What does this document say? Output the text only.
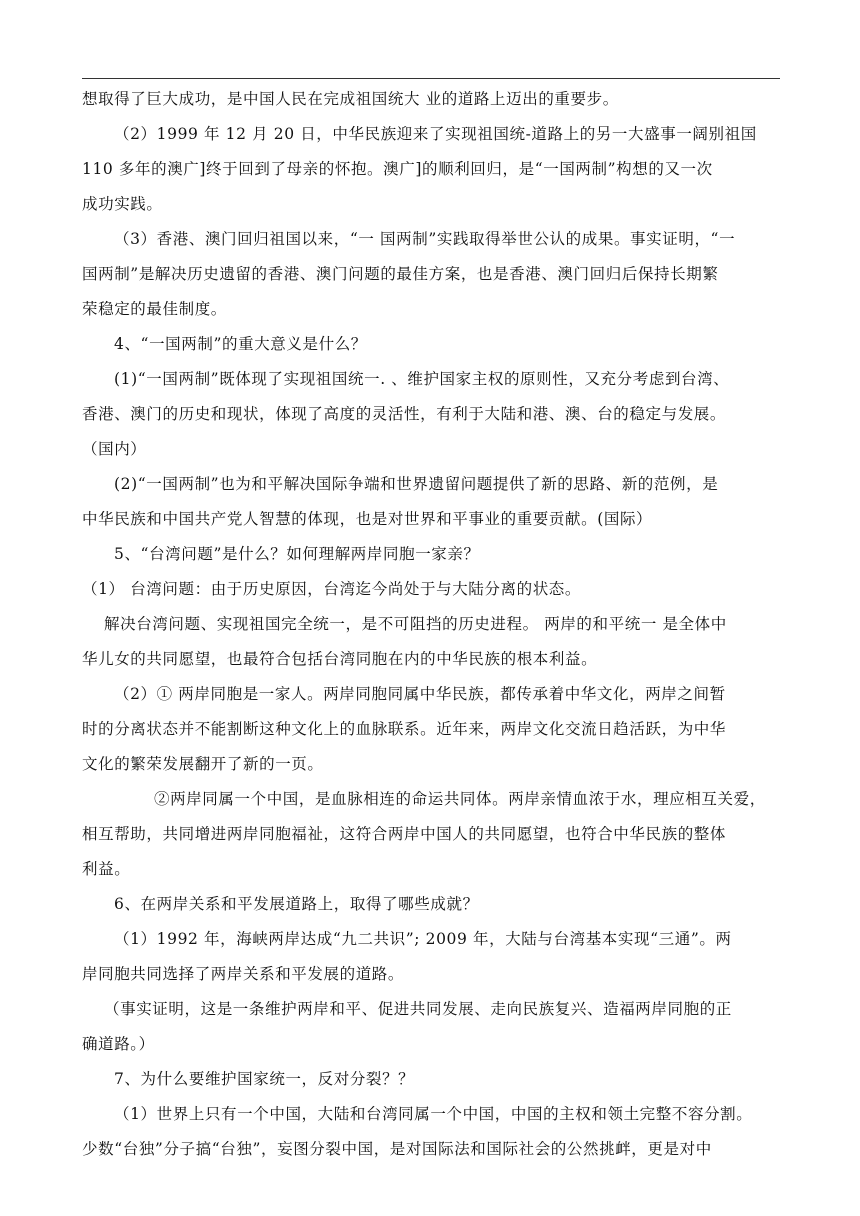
想取得了巨大成功，是中国人民在完成祖国统大 业的道路上迈出的重要步。

（2）1999 年 12 月 20 日，中华民族迎来了实现祖国统-道路上的另一大盛事一阔别祖国

110 多年的澳广]终于回到了母亲的怀抱。澳广]的顺利回归，是“一国两制”构想的又一次

成功实践。

（3）香港、澳门回归祖国以来，“一 国两制”实践取得举世公认的成果。事实证明，“一

国两制”是解决历史遗留的香港、澳门问题的最佳方案，也是香港、澳门回归后保持长期繁

荣稳定的最佳制度。

4、“一国两制”的重大意义是什么？

(1)“一国两制”既体现了实现祖国统一. 、维护国家主权的原则性，又充分考虑到台湾、

香港、澳门的历史和现状，体现了高度的灵活性，有利于大陆和港、澳、台的稳定与发展。

（国内）

(2)“一国两制”也为和平解决国际争端和世界遗留问题提供了新的思路、新的范例，是

中华民族和中国共产党人智慧的体现，也是对世界和平事业的重要贡献。(国际）

5、“台湾问题”是什么？如何理解两岸同胞一家亲？

（1） 台湾问题：由于历史原因，台湾迄今尚处于与大陆分离的状态。

解决台湾问题、实现祖国完全统一，是不可阻挡的历史进程。 两岸的和平统一 是全体中

华儿女的共同愿望，也最符合包括台湾同胞在内的中华民族的根本利益。

（2）① 两岸同胞是一家人。两岸同胞同属中华民族，都传承着中华文化，两岸之间暂

时的分离状态并不能割断这种文化上的血脉联系。近年来，两岸文化交流日趋活跃，为中华

文化的繁荣发展翻开了新的一页。

②两岸同属一个中国，是血脉相连的命运共同体。两岸亲情血浓于水，理应相互关爱，

相互帮助，共同增进两岸同胞福祉，这符合两岸中国人的共同愿望，也符合中华民族的整体

利益。

6、在两岸关系和平发展道路上，取得了哪些成就？

（1）1992 年，海峡两岸达成“九二共识”; 2009 年，大陆与台湾基本实现“三通”。两

岸同胞共同选择了两岸关系和平发展的道路。

（事实证明，这是一条维护两岸和平、促进共同发展、走向民族复兴、造福两岸同胞的正

确道路。）

7、为什么要维护国家统一，反对分裂？？

（1）世界上只有一个中国，大陆和台湾同属一个中国，中国的主权和领土完整不容分割。

少数“台独”分子搞“台独”，妄图分裂中国，是对国际法和国际社会的公然挑衅，更是对中
